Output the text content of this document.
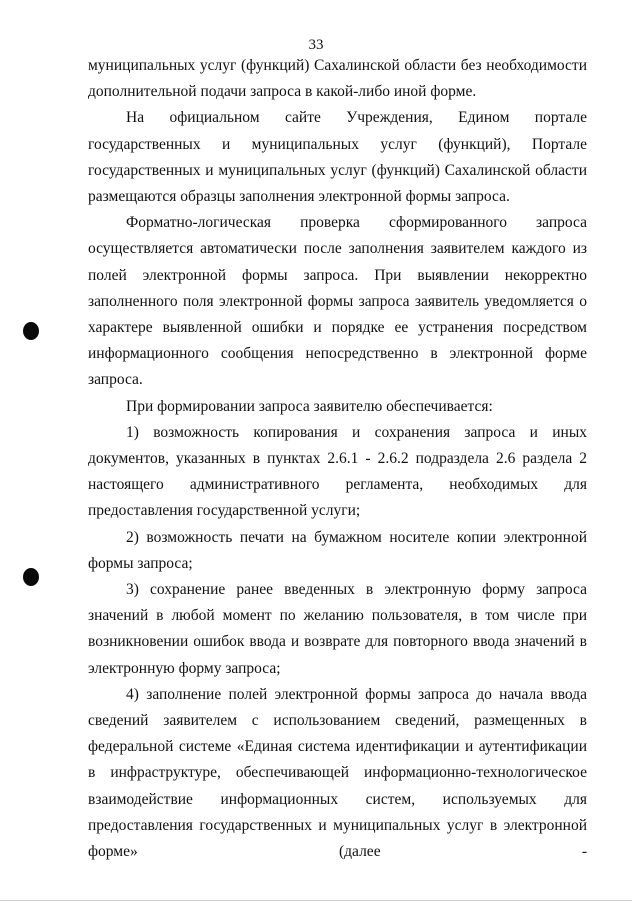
33

муниципальных услуг (функций) Сахалинской области без необходимости дополнительной подачи запроса в какой-либо иной форме.

На официальном сайте Учреждения, Едином портале государственных и муниципальных услуг (функций), Портале государственных и муниципальных услуг (функций) Сахалинской области размещаются образцы заполнения электронной формы запроса.

Форматно-логическая проверка сформированного запроса осуществляется автоматически после заполнения заявителем каждого из полей электронной формы запроса. При выявлении некорректно заполненного поля электронной формы запроса заявитель уведомляется о характере выявленной ошибки и порядке ее устранения посредством информационного сообщения непосредственно в электронной форме запроса.

При формировании запроса заявителю обеспечивается:

1) возможность копирования и сохранения запроса и иных документов, указанных в пунктах 2.6.1 - 2.6.2 подраздела 2.6 раздела 2 настоящего административного регламента, необходимых для предоставления государственной услуги;

2) возможность печати на бумажном носителе копии электронной формы запроса;

3) сохранение ранее введенных в электронную форму запроса значений в любой момент по желанию пользователя, в том числе при возникновении ошибок ввода и возврате для повторного ввода значений в электронную форму запроса;

4) заполнение полей электронной формы запроса до начала ввода сведений заявителем с использованием сведений, размещенных в федеральной системе «Единая система идентификации и аутентификации в инфраструктуре, обеспечивающей информационно-технологическое взаимодействие информационных систем, используемых для предоставления государственных и муниципальных услуг в электронной форме» (далее -
